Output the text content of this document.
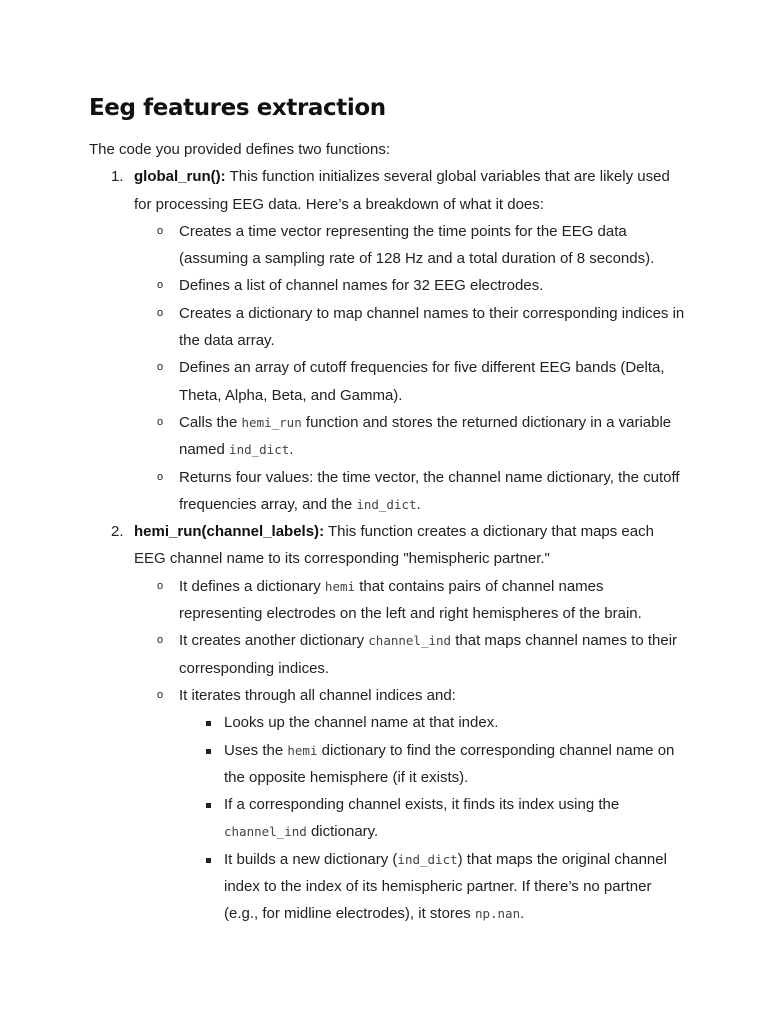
Eeg features extraction

The code you provided defines two functions:

1. global_run(): This function initializes several global variables that are likely used for processing EEG data. Here’s a breakdown of what it does:
o Creates a time vector representing the time points for the EEG data (assuming a sampling rate of 128 Hz and a total duration of 8 seconds).
o Defines a list of channel names for 32 EEG electrodes.
o Creates a dictionary to map channel names to their corresponding indices in the data array.
o Defines an array of cutoff frequencies for five different EEG bands (Delta, Theta, Alpha, Beta, and Gamma).
o Calls the hemi_run function and stores the returned dictionary in a variable named ind_dict.
o Returns four values: the time vector, the channel name dictionary, the cutoff frequencies array, and the ind_dict.
2. hemi_run(channel_labels): This function creates a dictionary that maps each EEG channel name to its corresponding "hemispheric partner."
o It defines a dictionary hemi that contains pairs of channel names representing electrodes on the left and right hemispheres of the brain.
o It creates another dictionary channel_ind that maps channel names to their corresponding indices.
o It iterates through all channel indices and:
Looks up the channel name at that index.
Uses the hemi dictionary to find the corresponding channel name on the opposite hemisphere (if it exists).
If a corresponding channel exists, it finds its index using the channel_ind dictionary.
It builds a new dictionary (ind_dict) that maps the original channel index to the index of its hemispheric partner. If there’s no partner (e.g., for midline electrodes), it stores np.nan.
